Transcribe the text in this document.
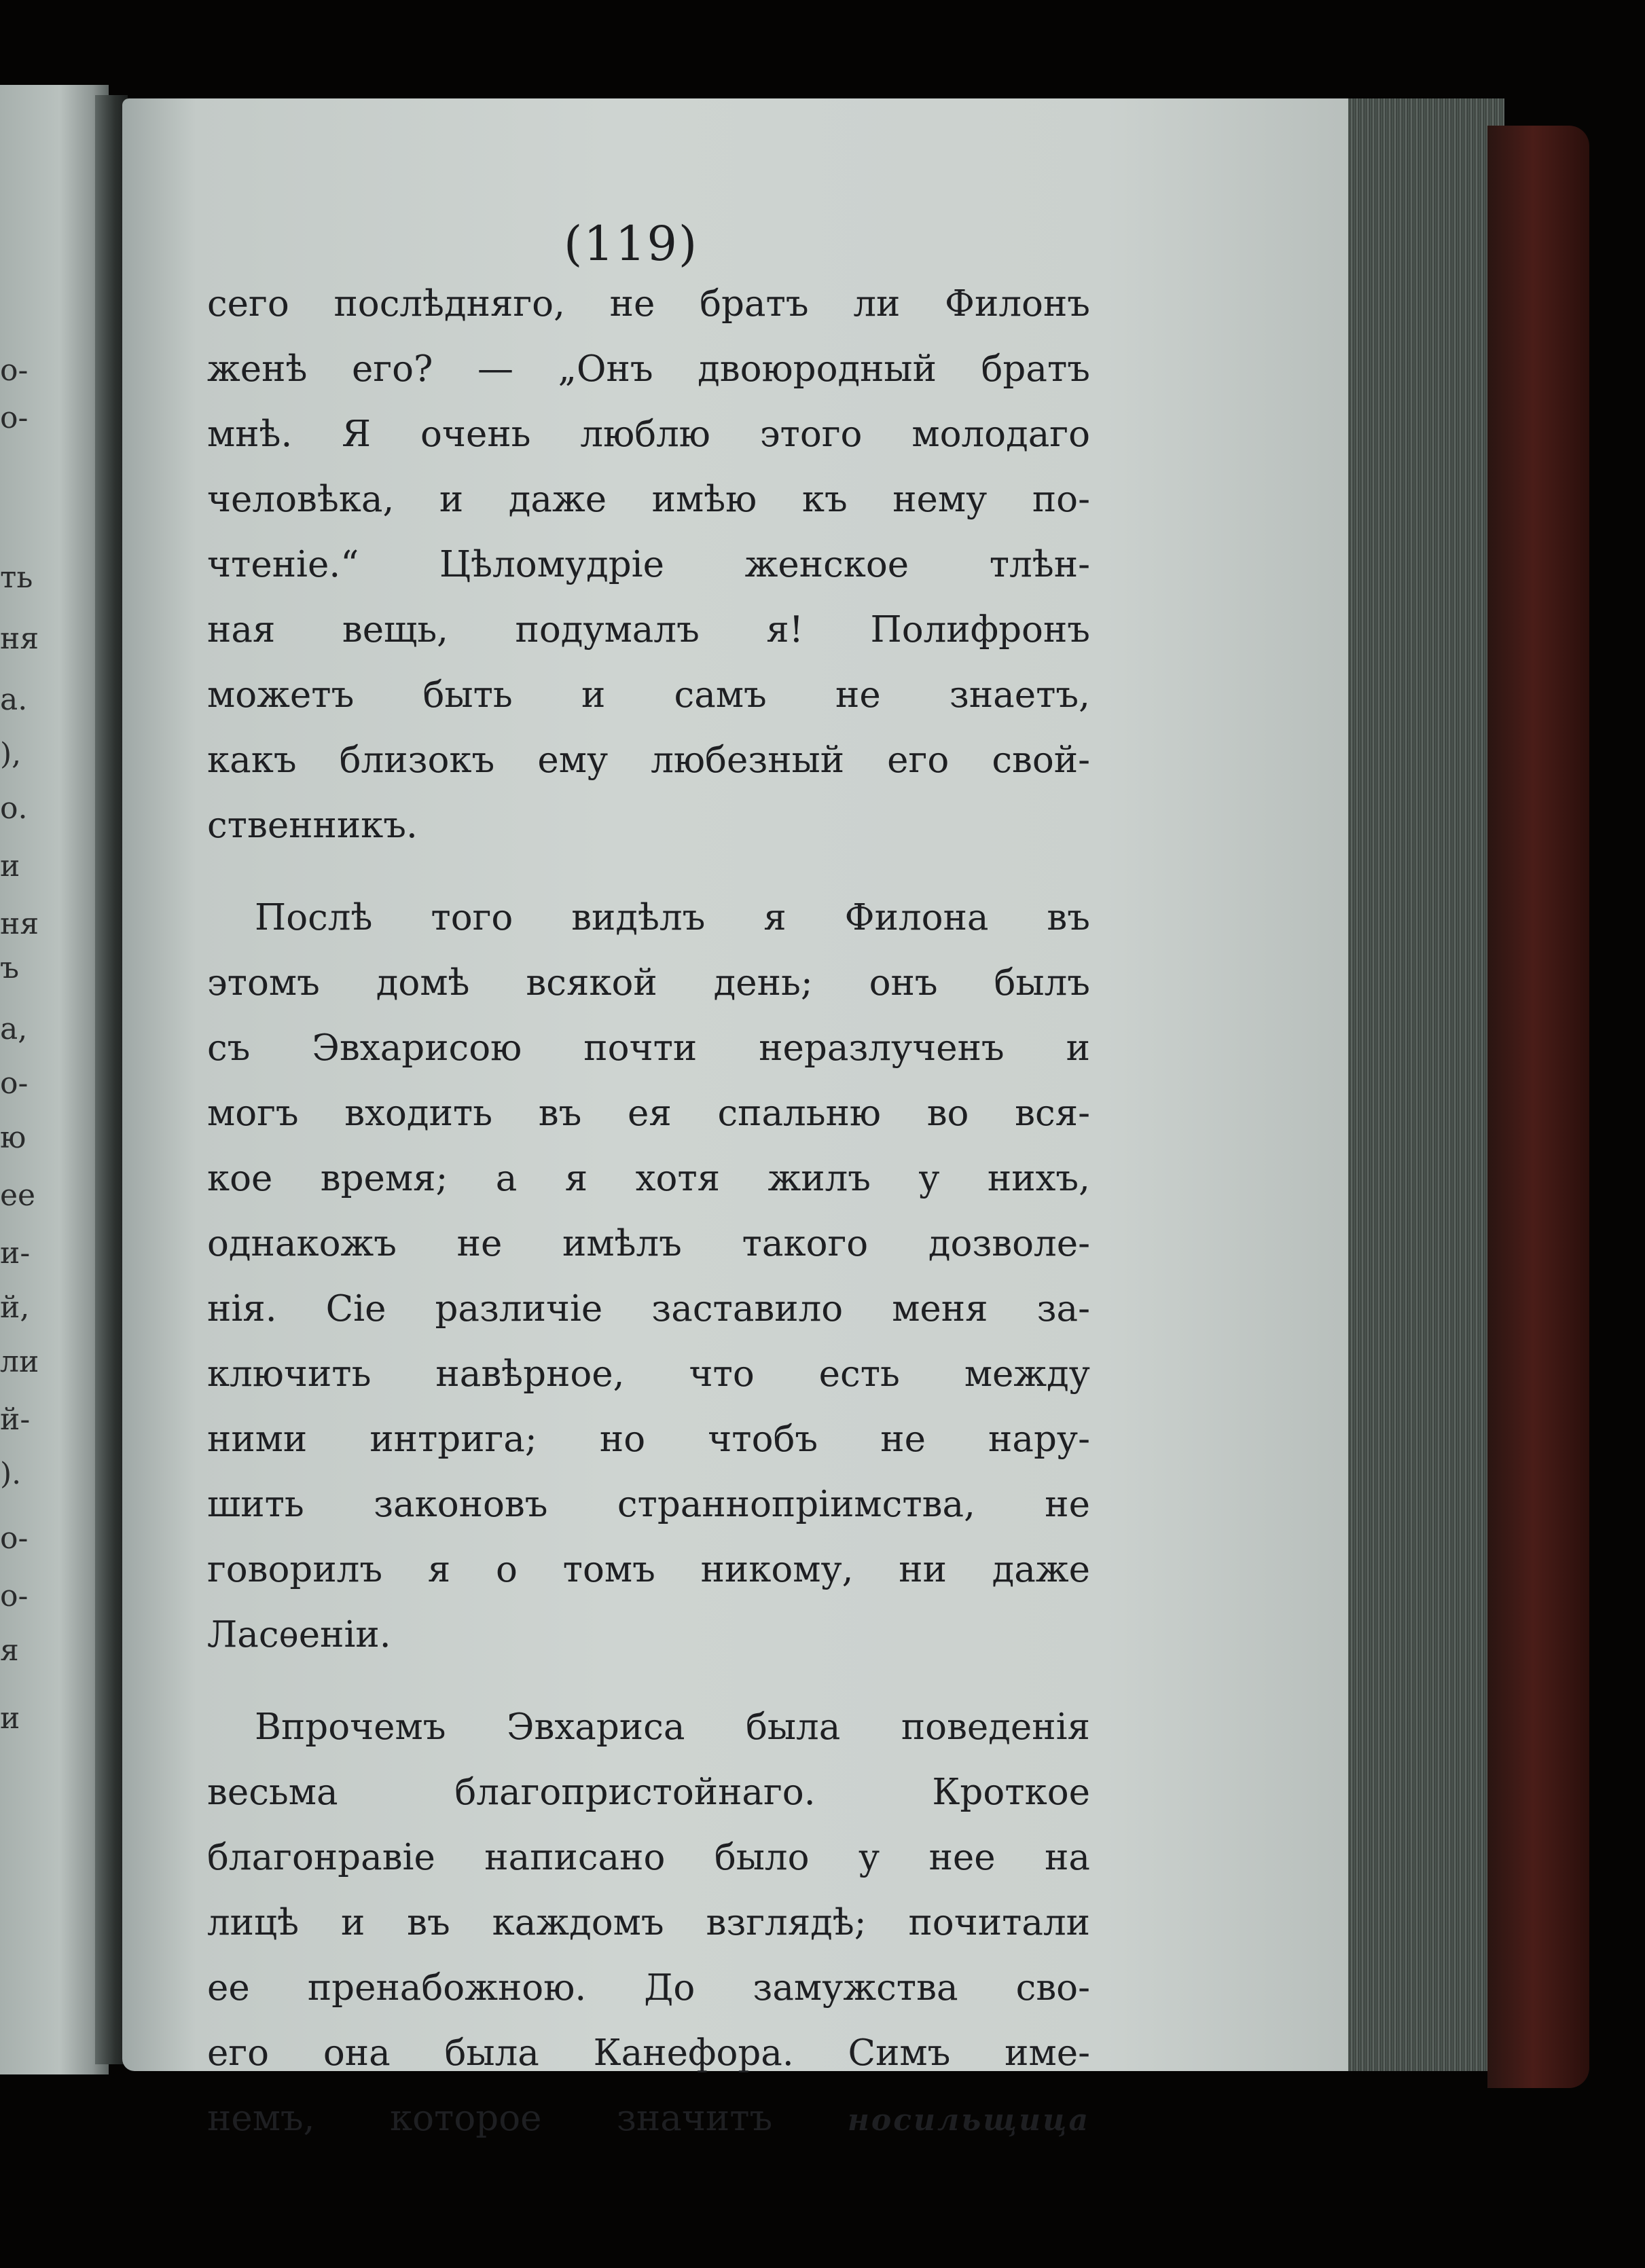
о-
о-
ть
ня
а.
),
о.
и
ня
ъ
а,
о-
ю
ее
и-
й,
ли
й-
).
о-
о-
я
и
(119)
сего послѣдняго, не братъ ли Филонъ
женѣ его? — „Онъ двоюродный братъ
мнѣ. Я очень люблю этого молодаго
человѣка, и даже имѣю къ нему по-
чтеніе.“ Цѣломудріе женское тлѣн-
ная вещь, подумалъ я! Полифронъ
можетъ быть и самъ не знаетъ,
какъ близокъ ему любезный его свой-
ственникъ.
Послѣ того видѣлъ я Филона въ
этомъ домѣ всякой день; онъ былъ
съ Эвхарисою почти неразлученъ и
могъ входить въ ея спальню во вся-
кое время; а я хотя жилъ у нихъ,
однакожъ не имѣлъ такого дозволе-
нія. Сіе различіе заставило меня за-
ключить навѣрное, что есть между
ними интрига; но чтобъ не нару-
шить законовъ страннопріимства, не
говорилъ я о томъ никому, ни даже
Ласѳеніи.
Впрочемъ Эвхариса была поведенія
весьма благопристойнаго. Кроткое
благонравіе написано было у нее на
лицѣ и въ каждомъ взглядѣ; почитали
ее пренабожною. До замужства сво-
его она была Канефора. Симъ име-
немъ, которое значитъ	носильщица
